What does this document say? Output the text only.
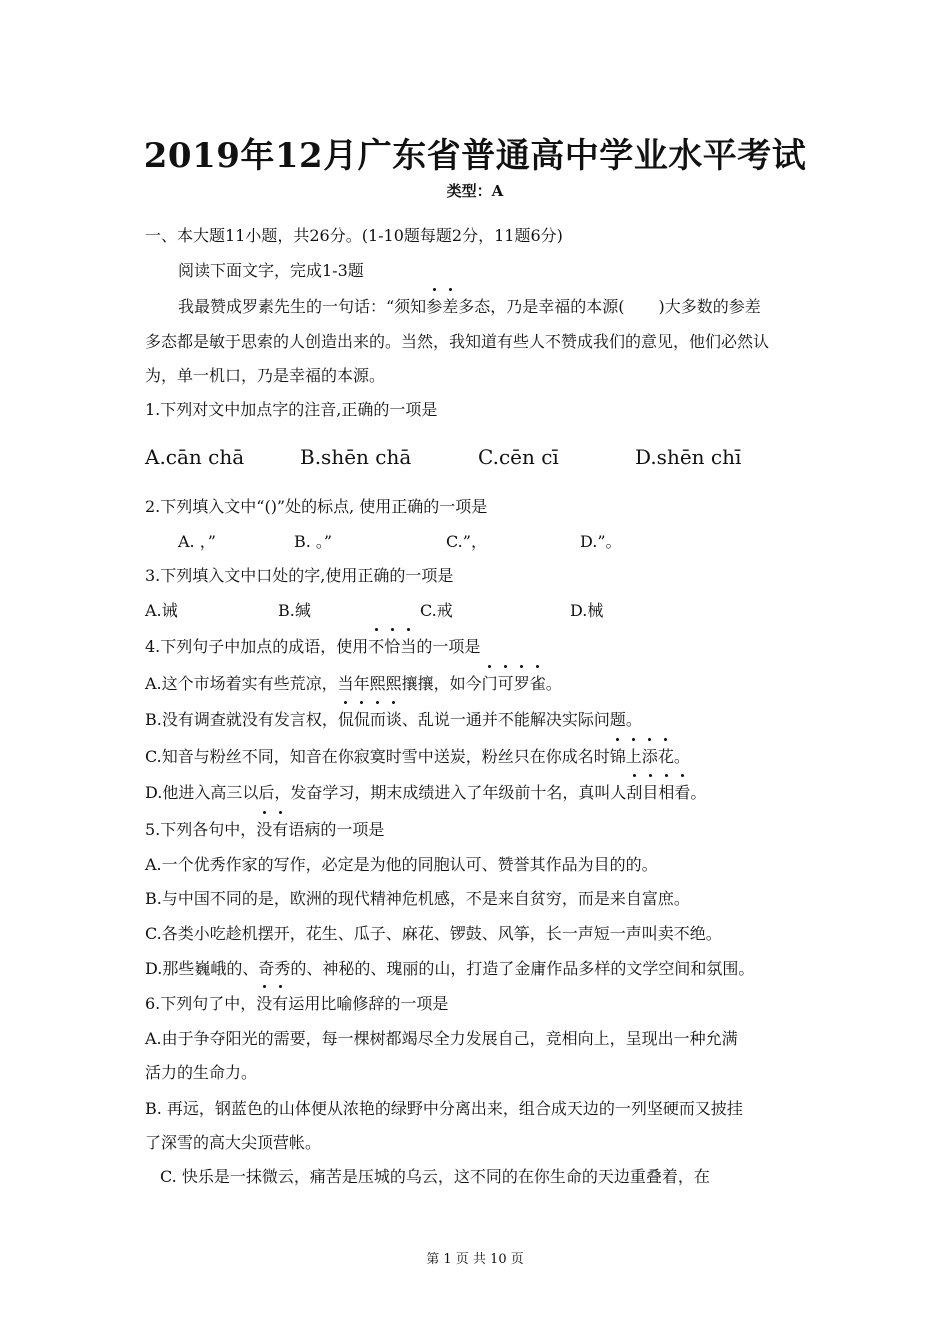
2019年12月广东省普通高中学业水平考试
类型：A
一、本大题11小题，共26分。(1-10题每题2分，11题6分)
阅读下面文字，完成1-3题
我最赞成罗素先生的一句话：“须知参
差
多态，乃是幸福的本源( )大多数的参差
多态都是敏于思索的人创造出来的。当然，我知道有些人不赞成我们的意见，他们必然认
为，单一机口，乃是幸福的本源。
1.下列对文中加点字的注音,正确的一项是
A.cān chā	B.shēn chā	C.cēn cī	D.shēn chī
2.下列填入文中“()”处的标点, 使用正确的一项是
A. ，”	B. 。”	C.”，	D.”。
3.下列填入文中口处的字,使用正确的一项是
A.诫	B.缄	C.戒	D.械
4.下列句子中加点的成语，使用不
恰
当
的一项是
A.这个市场着实有些荒凉，当年熙熙攘攘，如今门
可
罗
雀
。
B.没有调查就没有发言权，侃
侃
而
谈
、乱说一通并不能解决实际问题。
C.知音与粉丝不同，知音在你寂寞时雪中送炭，粉丝只在你成名时锦
上
添
花
。
D.他进入高三以后，发奋学习，期末成绩进入了年级前十名，真叫人刮
目
相
看
。
5.下列各句中，没
有
语病的一项是
A.一个优秀作家的写作，必定是为他的同胞认可、赞誉其作品为目的的。
B.与中国不同的是，欧洲的现代精神危机感，不是来自贫穷，而是来自富庶。
C.各类小吃趁机摆开，花生、瓜子、麻花、锣鼓、风筝，长一声短一声叫卖不绝。
D.那些巍峨的、奇秀的、神秘的、瑰丽的山，打造了金庸作品多样的文学空间和氛围。
6.下列句了中，没
有
运用比喻修辞的一项是
A.由于争夺阳光的需要，每一棵树都竭尽全力发展自己，竞相向上，呈现出一种允满
活力的生命力。
B. 再远，钢蓝色的山体便从浓艳的绿野中分离出来，组合成天边的一列坚硬而又披挂
了深雪的高大尖顶营帐。
C. 快乐是一抹微云，痛苦是压城的乌云，这不同的在你生命的天边重叠着，在
第 1 页 共 10 页
